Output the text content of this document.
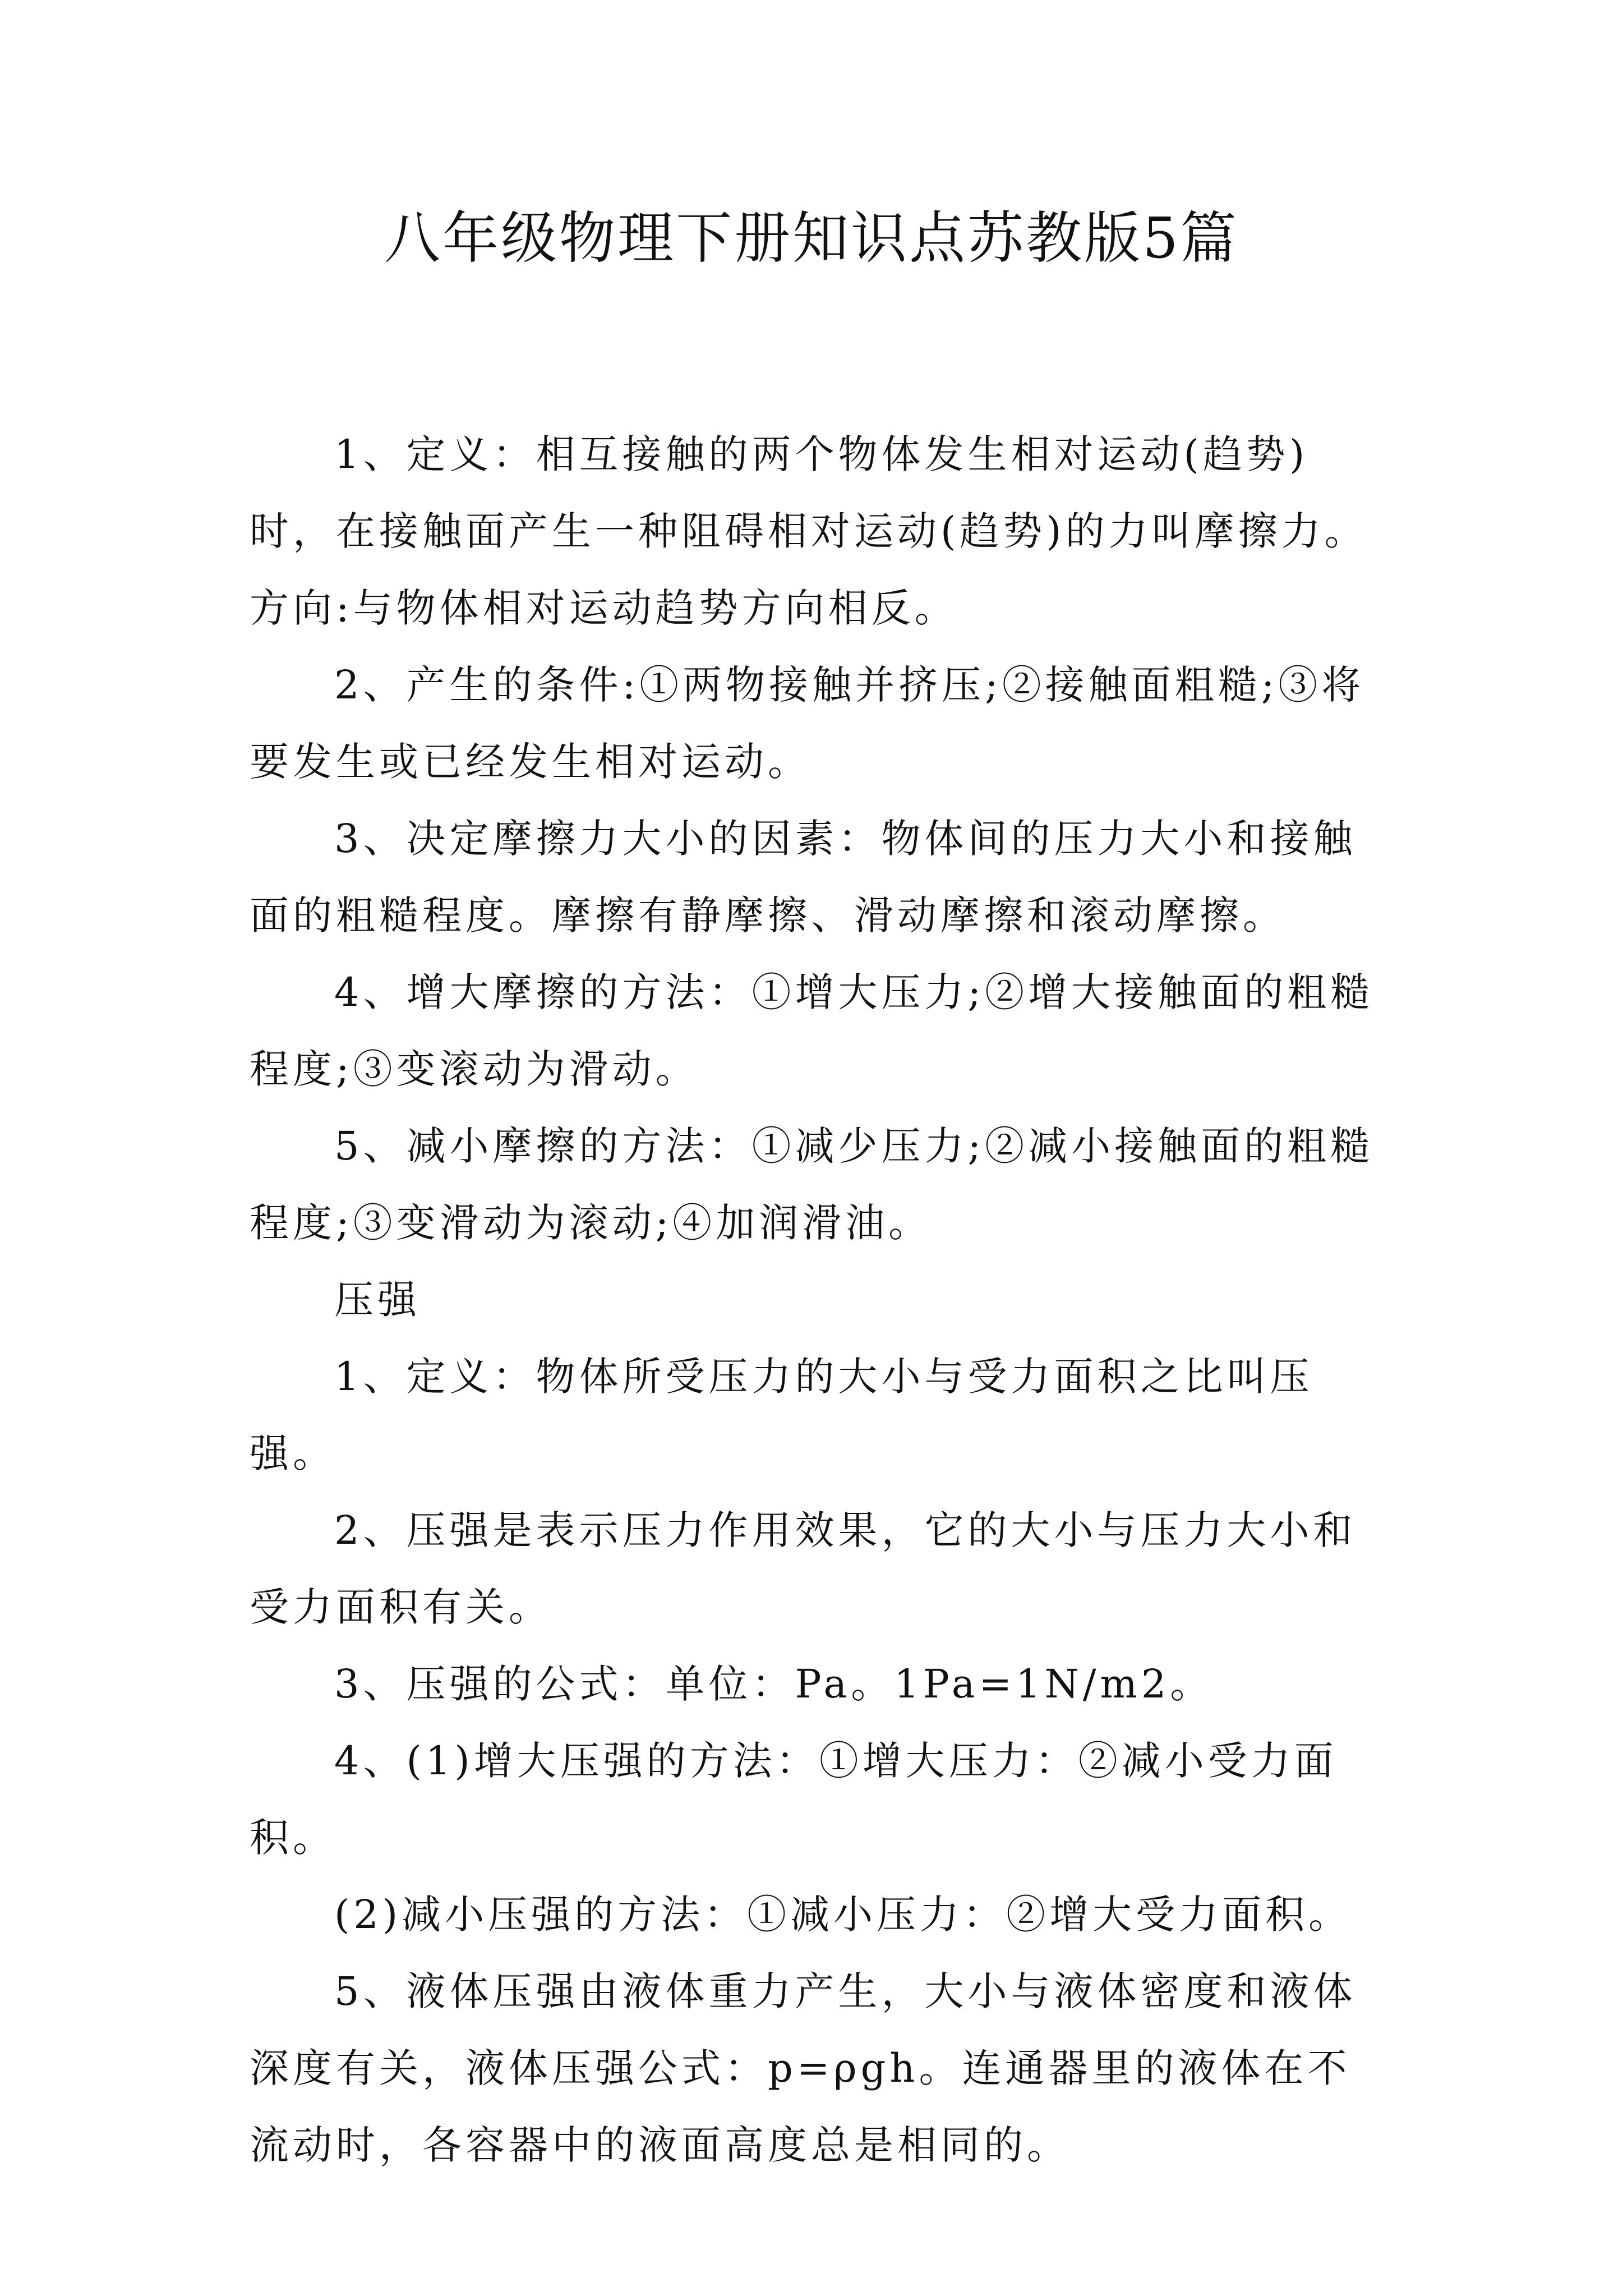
八年级物理下册知识点苏教版5篇

1、定义：相互接触的两个物体发生相对运动(趋势)时，在接触面产生一种阻碍相对运动(趋势)的力叫摩擦力。方向:与物体相对运动趋势方向相反。

2、产生的条件:①两物接触并挤压;②接触面粗糙;③将要发生或已经发生相对运动。

3、决定摩擦力大小的因素：物体间的压力大小和接触面的粗糙程度。摩擦有静摩擦、滑动摩擦和滚动摩擦。

4、增大摩擦的方法：①增大压力;②增大接触面的粗糙程度;③变滚动为滑动。

5、减小摩擦的方法：①减少压力;②减小接触面的粗糙程度;③变滑动为滚动;④加润滑油。

压强

1、定义：物体所受压力的大小与受力面积之比叫压强。

2、压强是表示压力作用效果，它的大小与压力大小和受力面积有关。

3、压强的公式：单位：Pa。1Pa=1N/m2。

4、(1)增大压强的方法：①增大压力：②减小受力面积。

(2)减小压强的方法：①减小压力：②增大受力面积。

5、液体压强由液体重力产生，大小与液体密度和液体深度有关，液体压强公式：p=ρgh。连通器里的液体在不流动时，各容器中的液面高度总是相同的。
